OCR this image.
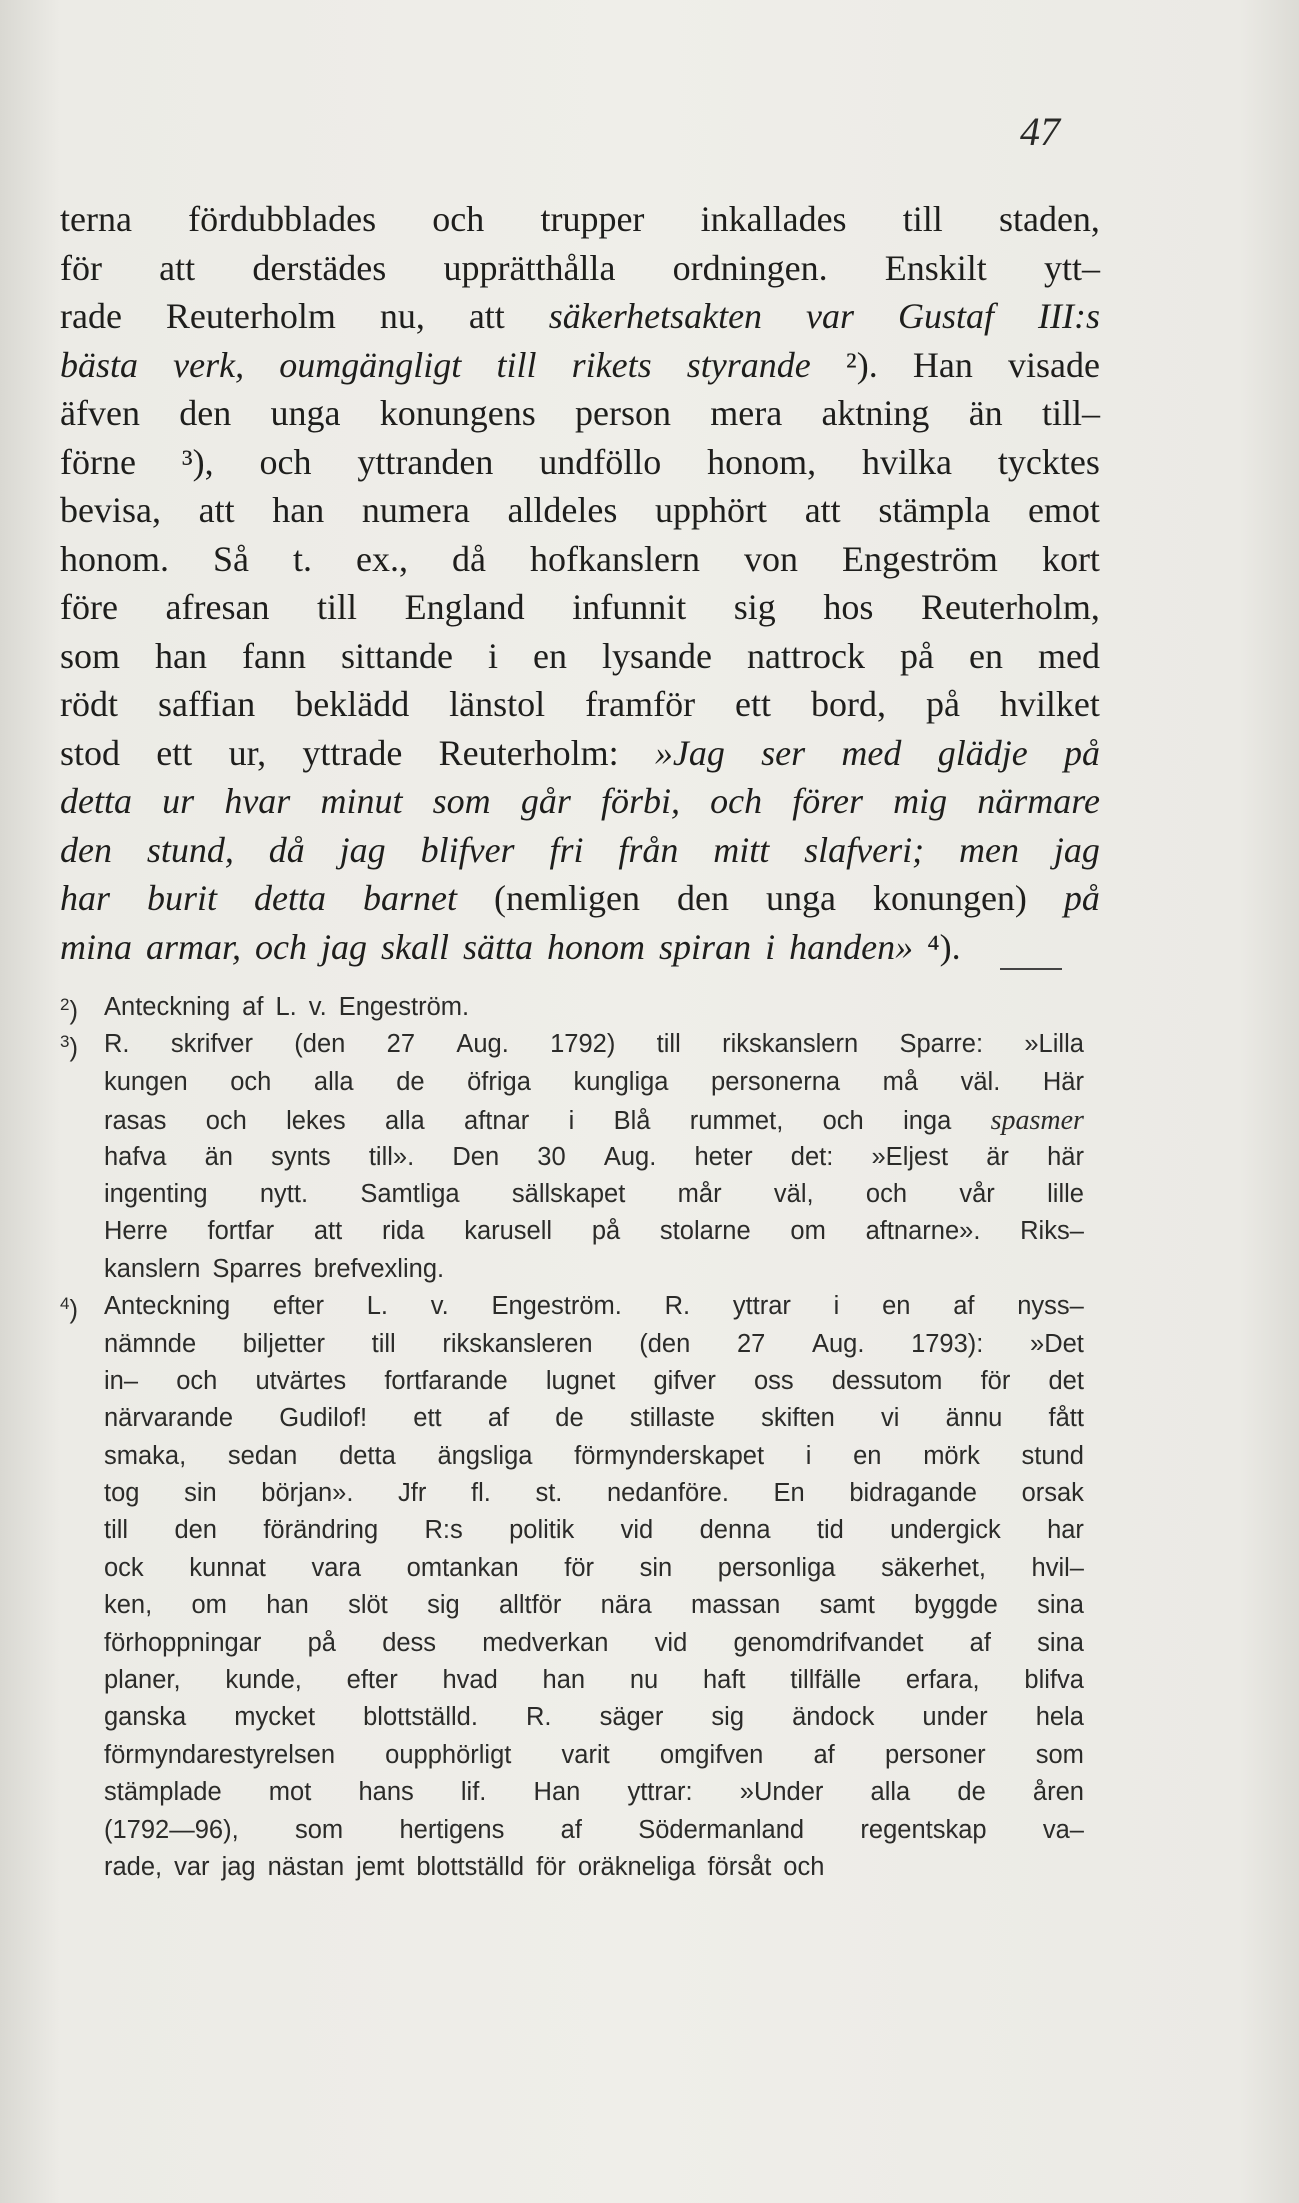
47
terna fördubblades och trupper inkallades till staden,
för att derstädes upprätthålla ordningen. Enskilt ytt–
rade Reuterholm nu, att säkerhetsakten var Gustaf III:s
bästa verk, oumgängligt till rikets styrande ²). Han visade
äfven den unga konungens person mera aktning än till–
förne ³), och yttranden undföllo honom, hvilka tycktes
bevisa, att han numera alldeles upphört att stämpla emot
honom. Så t. ex., då hofkanslern von Engeström kort
före afresan till England infunnit sig hos Reuterholm,
som han fann sittande i en lysande nattrock på en med
rödt saffian beklädd länstol framför ett bord, på hvilket
stod ett ur, yttrade Reuterholm: »Jag ser med glädje på
detta ur hvar minut som går förbi, och förer mig närmare
den stund, då jag blifver fri från mitt slafveri; men jag
har burit detta barnet (nemligen den unga konungen) på
mina armar, och jag skall sätta honom spiran i handen» ⁴).
$^2$) Anteckning af L. v. Engeström.
$^3$) R. skrifver (den 27 Aug. 1792) till rikskanslern Sparre: »Lilla
kungen och alla de öfriga kungliga personerna må väl. Här
rasas och lekes alla aftnar i Blå rummet, och inga spasmer
hafva än synts till». Den 30 Aug. heter det: »Eljest är här
ingenting nytt. Samtliga sällskapet mår väl, och vår lille
Herre fortfar att rida karusell på stolarne om aftnarne». Riks–
kanslern Sparres brefvexling.
$^4$) Anteckning efter L. v. Engeström. R. yttrar i en af nyss–
nämnde biljetter till rikskansleren (den 27 Aug. 1793): »Det
in– och utvärtes fortfarande lugnet gifver oss dessutom för det
närvarande Gudilof! ett af de stillaste skiften vi ännu fått
smaka, sedan detta ängsliga förmynderskapet i en mörk stund
tog sin början». Jfr fl. st. nedanföre. En bidragande orsak
till den förändring R:s politik vid denna tid undergick har
ock kunnat vara omtankan för sin personliga säkerhet, hvil–
ken, om han slöt sig alltför nära massan samt byggde sina
förhoppningar på dess medverkan vid genomdrifvandet af sina
planer, kunde, efter hvad han nu haft tillfälle erfara, blifva
ganska mycket blottställd. R. säger sig ändock under hela
förmyndarestyrelsen oupphörligt varit omgifven af personer som
stämplade mot hans lif. Han yttrar: »Under alla de åren
(1792—96), som hertigens af Södermanland regentskap va–
rade, var jag nästan jemt blottställd för oräkneliga försåt och
